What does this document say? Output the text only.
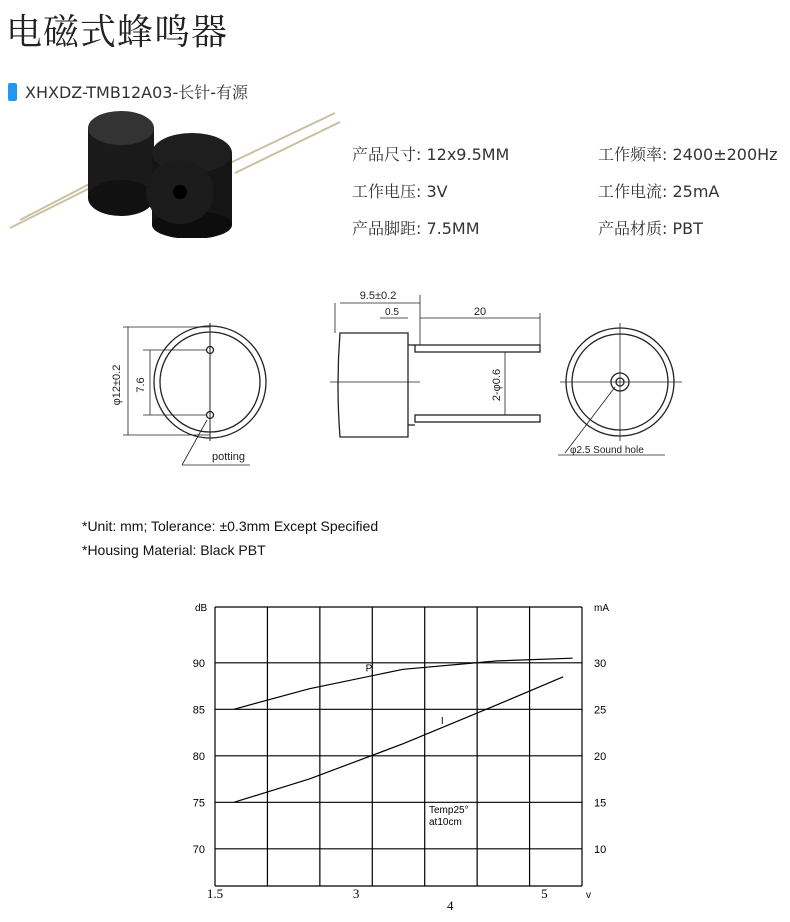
电磁式蜂鸣器
XHXDZ-TMB12A03-长针-有源
产品尺寸: 12x9.5MM	工作频率: 2400±200Hz
工作电压: 3V	工作电流: 25mA
产品脚距: 7.5MM	产品材质: PBT
φ12±0.2 7.6
potting
9.5±0.2
0.5	20
2-φ0.6
φ2.5 Sound hole
*Unit: mm; Tolerance: ±0.3mm Except Specified
*Housing Material: Black PBT
dB	mA
90
85
80
75
70
30
25
20
15
10
1.5	3
4
5	v
P
I
Temp25°
at10cm
